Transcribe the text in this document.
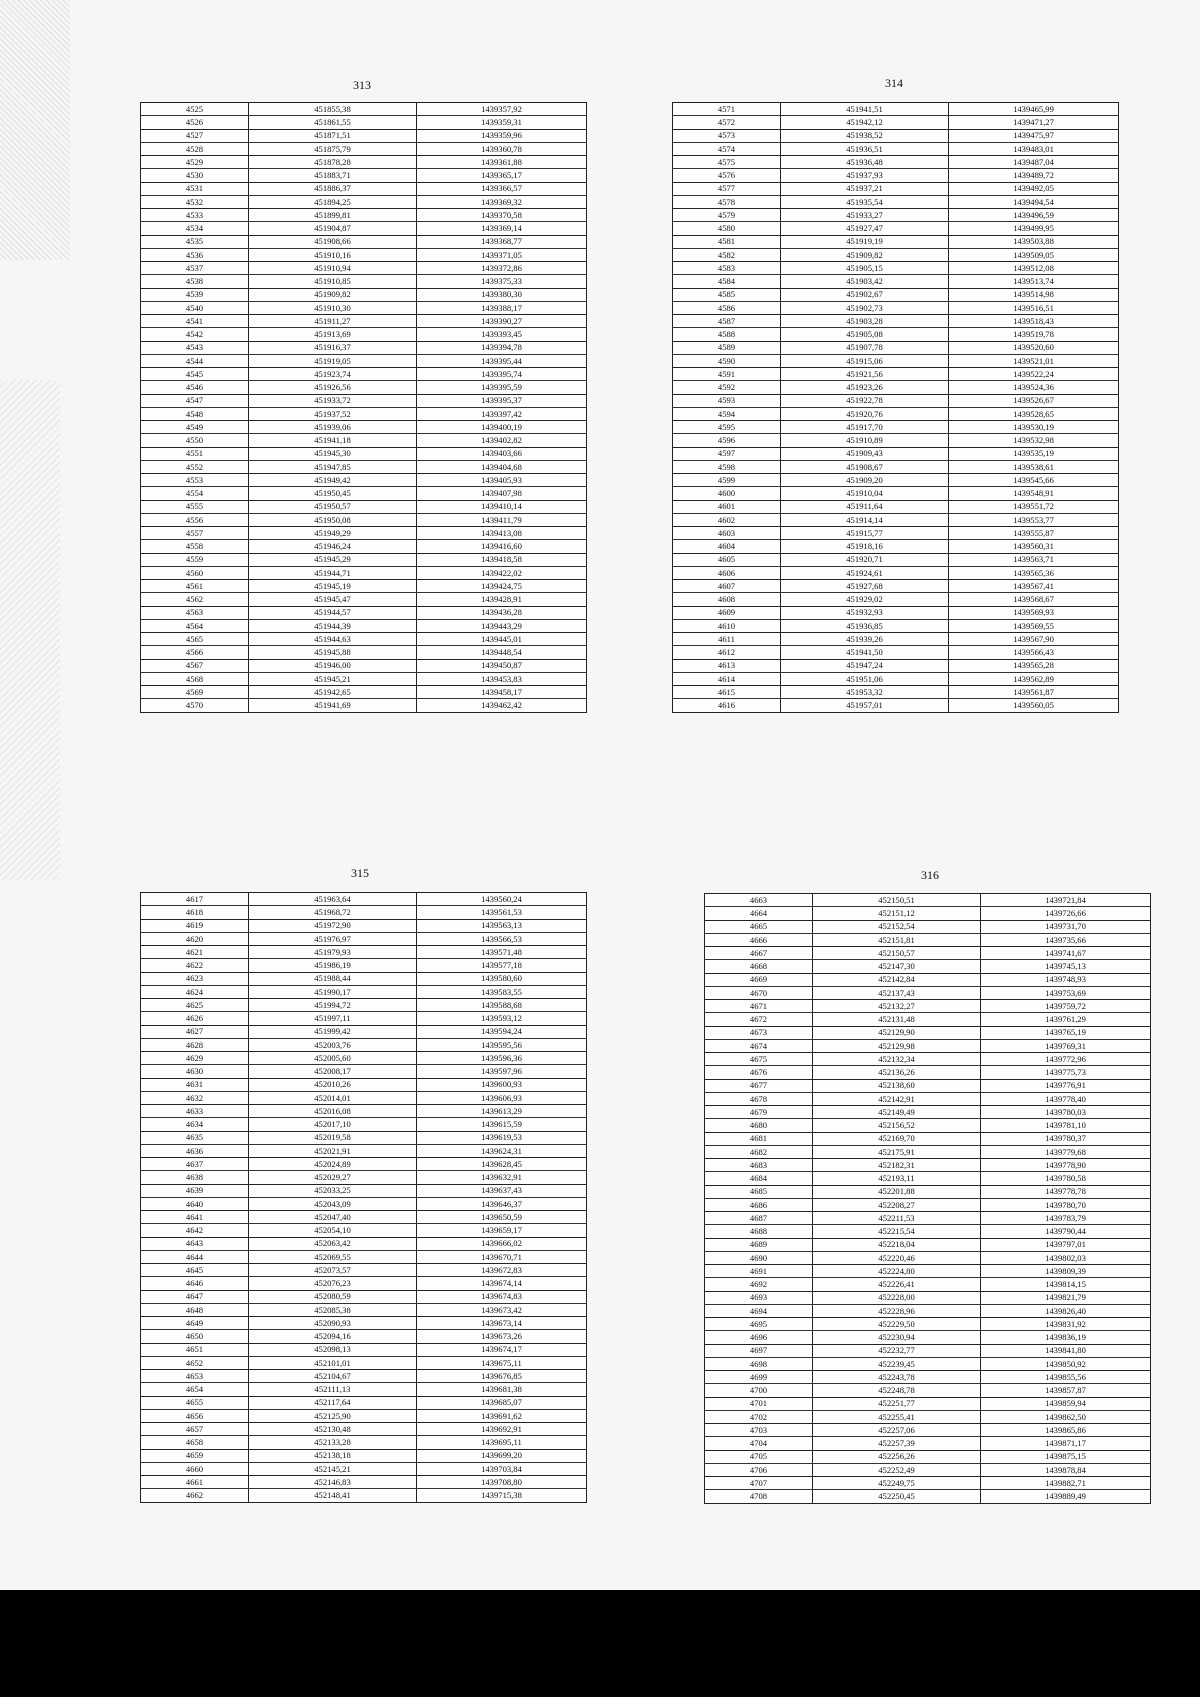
313	314
315	316
4525	451855,38	1439357,92
4526	451861,55	1439359,31
4527	451871,51	1439359,96
4528	451875,79	1439360,78
4529	451878,28	1439361,88
4530	451883,71	1439365,17
4531	451886,37	1439366,57
4532	451894,25	1439369,32
4533	451899,81	1439370,58
4534	451904,87	1439369,14
4535	451908,66	1439368,77
4536	451910,16	1439371,05
4537	451910,94	1439372,86
4538	451910,85	1439375,33
4539	451909,82	1439380,30
4540	451910,30	1439388,17
4541	451911,27	1439390,27
4542	451913,69	1439393,45
4543	451916,37	1439394,78
4544	451919,05	1439395,44
4545	451923,74	1439395,74
4546	451926,56	1439395,59
4547	451933,72	1439395,37
4548	451937,52	1439397,42
4549	451939,06	1439400,19
4550	451941,18	1439402,82
4551	451945,30	1439403,66
4552	451947,85	1439404,68
4553	451949,42	1439405,93
4554	451950,45	1439407,98
4555	451950,57	1439410,14
4556	451950,08	1439411,79
4557	451949,29	1439413,08
4558	451946,24	1439416,60
4559	451945,29	1439418,58
4560	451944,71	1439422,02
4561	451945,19	1439424,75
4562	451945,47	1439428,91
4563	451944,57	1439436,28
4564	451944,39	1439443,29
4565	451944,63	1439445,01
4566	451945,88	1439448,54
4567	451946,00	1439450,87
4568	451945,21	1439453,83
4569	451942,65	1439458,17
4570	451941,69	1439462,42
4571	451941,51	1439465,99
4572	451942,12	1439471,27
4573	451938,52	1439475,97
4574	451936,51	1439483,01
4575	451936,48	1439487,04
4576	451937,93	1439489,72
4577	451937,21	1439492,05
4578	451935,54	1439494,54
4579	451933,27	1439496,59
4580	451927,47	1439499,95
4581	451919,19	1439503,88
4582	451909,82	1439509,05
4583	451905,15	1439512,08
4584	451903,42	1439513,74
4585	451902,67	1439514,98
4586	451902,73	1439516,51
4587	451903,28	1439518,43
4588	451905,08	1439519,78
4589	451907,78	1439520,60
4590	451915,06	1439521,01
4591	451921,56	1439522,24
4592	451923,26	1439524,36
4593	451922,78	1439526,67
4594	451920,76	1439528,65
4595	451917,70	1439530,19
4596	451910,89	1439532,98
4597	451909,43	1439535,19
4598	451908,67	1439538,61
4599	451909,20	1439545,66
4600	451910,04	1439548,91
4601	451911,64	1439551,72
4602	451914,14	1439553,77
4603	451915,77	1439555,87
4604	451918,16	1439560,31
4605	451920,71	1439563,71
4606	451924,61	1439565,36
4607	451927,68	1439567,41
4608	451929,02	1439568,67
4609	451932,93	1439569,93
4610	451936,85	1439569,55
4611	451939,26	1439567,90
4612	451941,50	1439566,43
4613	451947,24	1439565,28
4614	451951,06	1439562,89
4615	451953,32	1439561,87
4616	451957,01	1439560,05
4617	451963,64	1439560,24
4618	451968,72	1439561,53
4619	451972,90	1439563,13
4620	451976,97	1439566,53
4621	451979,93	1439571,48
4622	451986,19	1439577,18
4623	451988,44	1439580,60
4624	451990,17	1439583,55
4625	451994,72	1439588,68
4626	451997,11	1439593,12
4627	451999,42	1439594,24
4628	452003,76	1439595,56
4629	452005,60	1439596,36
4630	452008,17	1439597,96
4631	452010,26	1439600,93
4632	452014,01	1439606,93
4633	452016,08	1439613,29
4634	452017,10	1439615,59
4635	452019,58	1439619,53
4636	452021,91	1439624,31
4637	452024,89	1439628,45
4638	452029,27	1439632,91
4639	452033,25	1439637,43
4640	452043,09	1439646,37
4641	452047,40	1439650,59
4642	452054,10	1439659,17
4643	452063,42	1439666,02
4644	452069,55	1439670,71
4645	452073,57	1439672,83
4646	452076,23	1439674,14
4647	452080,59	1439674,83
4648	452085,38	1439673,42
4649	452090,93	1439673,14
4650	452094,16	1439673,26
4651	452098,13	1439674,17
4652	452101,01	1439675,11
4653	452104,67	1439676,85
4654	452111,13	1439681,38
4655	452117,64	1439685,07
4656	452125,90	1439691,62
4657	452130,48	1439692,91
4658	452133,28	1439695,11
4659	452138,18	1439699,20
4660	452145,21	1439703,84
4661	452146,83	1439708,80
4662	452148,41	1439715,38
4663	452150,51	1439721,84
4664	452151,12	1439726,66
4665	452152,54	1439731,70
4666	452151,81	1439735,66
4667	452150,57	1439741,67
4668	452147,30	1439745,13
4669	452142,84	1439748,93
4670	452137,43	1439753,69
4671	452132,27	1439759,72
4672	452131,48	1439761,29
4673	452129,90	1439765,19
4674	452129,98	1439769,31
4675	452132,34	1439772,96
4676	452136,26	1439775,73
4677	452138,60	1439776,91
4678	452142,91	1439778,40
4679	452149,49	1439780,03
4680	452156,52	1439781,10
4681	452169,70	1439780,37
4682	452175,91	1439779,68
4683	452182,31	1439778,90
4684	452193,11	1439780,58
4685	452201,88	1439778,78
4686	452208,27	1439780,70
4687	452211,53	1439783,79
4688	452215,54	1439790,44
4689	452218,04	1439797,01
4690	452220,46	1439802,03
4691	452224,80	1439809,39
4692	452226,41	1439814,15
4693	452228,00	1439821,79
4694	452228,96	1439826,40
4695	452229,50	1439831,92
4696	452230,94	1439836,19
4697	452232,77	1439841,80
4698	452239,45	1439850,92
4699	452243,78	1439855,56
4700	452248,78	1439857,87
4701	452251,77	1439859,94
4702	452255,41	1439862,50
4703	452257,06	1439865,86
4704	452257,39	1439871,17
4705	452256,26	1439875,15
4706	452252,49	1439878,84
4707	452249,75	1439882,71
4708	452250,45	1439889,49
